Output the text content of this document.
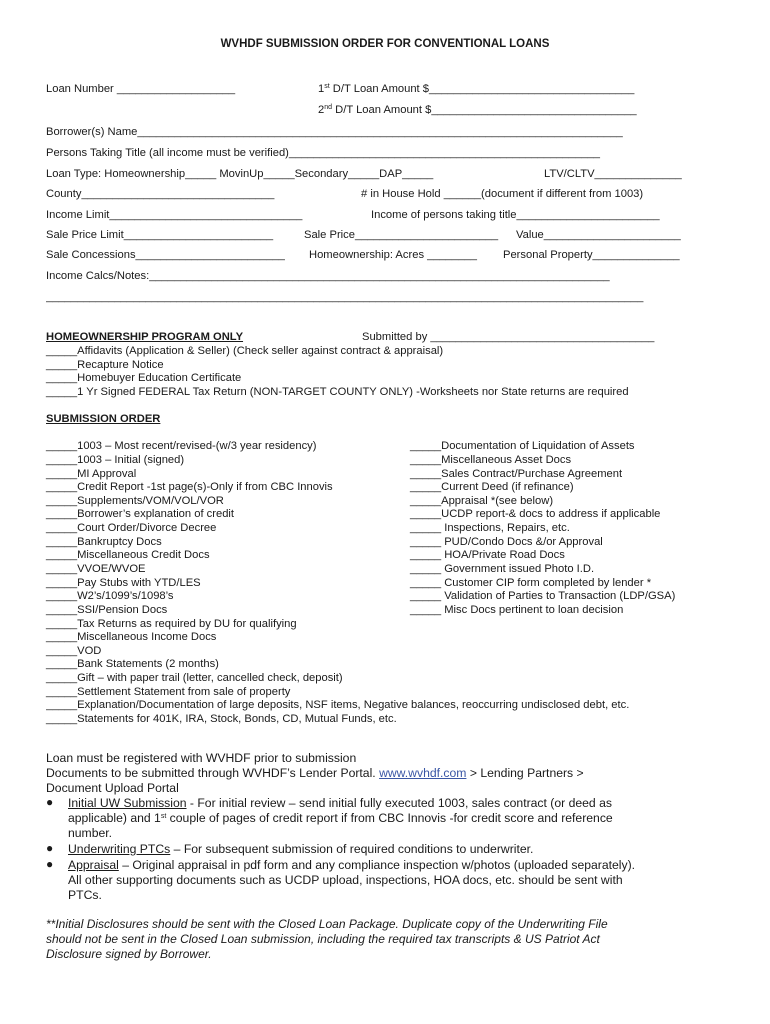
WVHDF SUBMISSION ORDER FOR CONVENTIONAL LOANS
Loan Number ___________________	1st D/T Loan Amount $_________________________________
2nd D/T Loan Amount $_________________________________
Borrower(s) Name______________________________________________________________________________
Persons Taking Title (all income must be verified)__________________________________________________
Loan Type: Homeownership_____ MovinUp_____Secondary_____DAP_____	LTV/CLTV______________
County_______________________________	# in House Hold ______(document if different from 1003)
Income Limit_______________________________	Income of persons taking title_______________________
Sale Price Limit________________________	Sale Price_______________________ Value______________________
Sale Concessions________________________ Homeownership: Acres ________ Personal Property______________
Income Calcs/Notes:__________________________________________________________________________
________________________________________________________________________________________________
HOMEOWNERSHIP PROGRAM ONLY	Submitted by ____________________________________
_____Affidavits (Application & Seller) (Check seller against contract & appraisal)
_____Recapture Notice
_____Homebuyer Education Certificate
_____1 Yr Signed FEDERAL Tax Return (NON-TARGET COUNTY ONLY) -Worksheets nor State returns are required
SUBMISSION ORDER
_____1003 – Most recent/revised-(w/3 year residency)
_____1003 – Initial (signed)
_____MI Approval
_____Credit Report -1st page(s)-Only if from CBC Innovis
_____Supplements/VOM/VOL/VOR
_____Borrower’s explanation of credit
_____Court Order/Divorce Decree
_____Bankruptcy Docs
_____Miscellaneous Credit Docs
_____VVOE/WVOE
_____Pay Stubs with YTD/LES
_____W2’s/1099’s/1098’s
_____SSI/Pension Docs
_____Tax Returns as required by DU for qualifying
_____Miscellaneous Income Docs
_____VOD
_____Bank Statements (2 months)
_____Gift – with paper trail (letter, cancelled check, deposit)
_____Settlement Statement from sale of property
_____Explanation/Documentation of large deposits, NSF items, Negative balances, reoccurring undisclosed debt, etc.
_____Statements for 401K, IRA, Stock, Bonds, CD, Mutual Funds, etc.
_____Documentation of Liquidation of Assets
_____Miscellaneous Asset Docs
_____Sales Contract/Purchase Agreement
_____Current Deed (if refinance)
_____Appraisal *(see below)
_____UCDP report-& docs to address if applicable
_____ Inspections, Repairs, etc.
_____ PUD/Condo Docs &/or Approval
_____ HOA/Private Road Docs
_____ Government issued Photo I.D.
_____ Customer CIP form completed by lender *
_____ Validation of Parties to Transaction (LDP/GSA)
_____ Misc Docs pertinent to loan decision
Loan must be registered with WVHDF prior to submission
Documents to be submitted through WVHDF’s Lender Portal. www.wvhdf.com > Lending Partners >
Document Upload Portal
● Initial UW Submission - For initial review – send initial fully executed 1003, sales contract (or deed as
applicable) and 1st couple of pages of credit report if from CBC Innovis -for credit score and reference
number.
● Underwriting PTCs – For subsequent submission of required conditions to underwriter.
● Appraisal – Original appraisal in pdf form and any compliance inspection w/photos (uploaded separately).
All other supporting documents such as UCDP upload, inspections, HOA docs, etc. should be sent with
PTCs.
**Initial Disclosures should be sent with the Closed Loan Package. Duplicate copy of the Underwriting File
should not be sent in the Closed Loan submission, including the required tax transcripts & US Patriot Act
Disclosure signed by Borrower.
